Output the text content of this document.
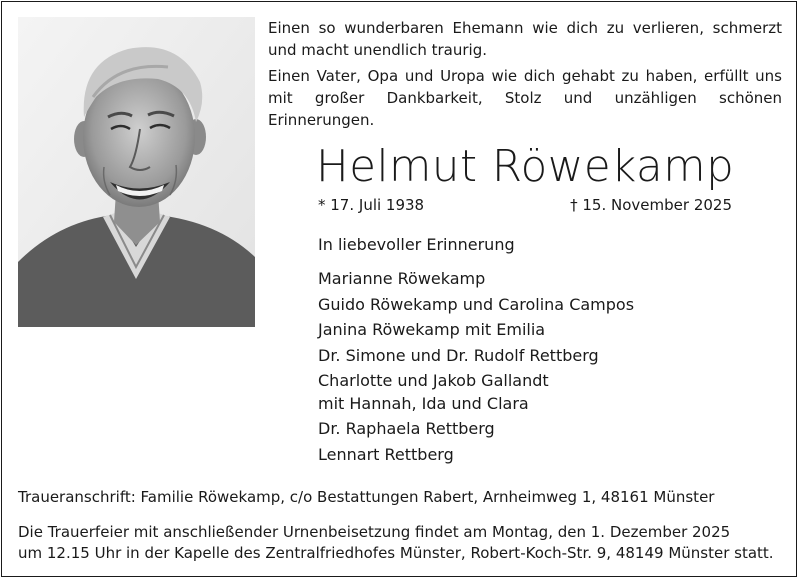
Einen so wunderbaren Ehemann wie dich zu verlieren, schmerzt und macht unendlich traurig.

Einen Vater, Opa und Uropa wie dich gehabt zu haben, erfüllt uns mit großer Dankbarkeit, Stolz und unzähligen schönen Erinnerungen.

Helmut Röwekamp
* 17. Juli 1938	† 15. November 2025
In liebevoller Erinnerung
Marianne Röwekamp
Guido Röwekamp und Carolina Campos
Janina Röwekamp mit Emilia
Dr. Simone und Dr. Rudolf Rettberg
Charlotte und Jakob Gallandt
mit Hannah, Ida und Clara
Dr. Raphaela Rettberg
Lennart Rettberg
Traueranschrift: Familie Röwekamp, c/o Bestattungen Rabert, Arnheimweg 1, 48161 Münster
Die Trauerfeier mit anschließender Urnenbeisetzung findet am Montag, den 1. Dezember 2025
um 12.15 Uhr in der Kapelle des Zentralfriedhofes Münster, Robert-Koch-Str. 9, 48149 Münster statt.
